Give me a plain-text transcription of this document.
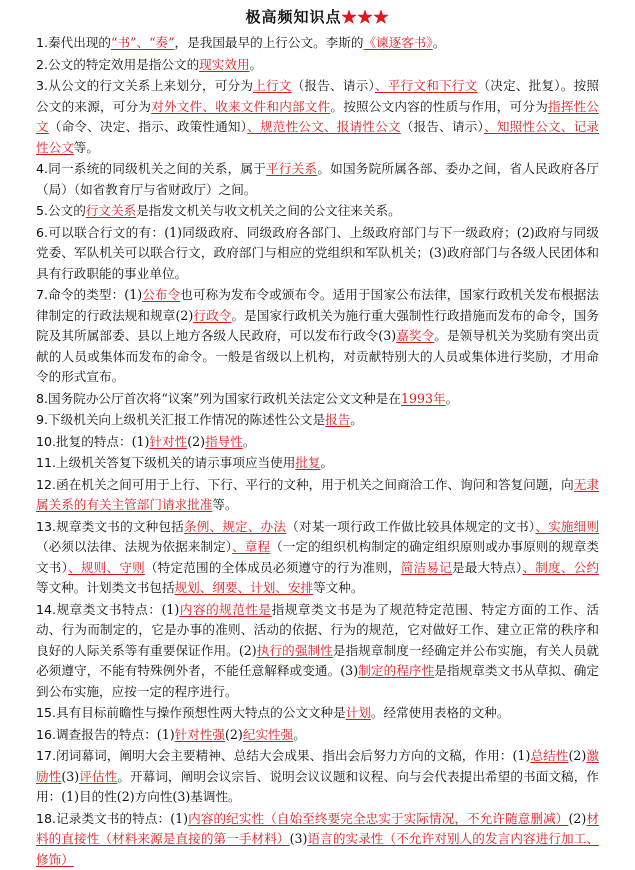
极高频知识点★★★
1.秦代出现的“书”、“奏”，是我国最早的上行公文。李斯的《谏逐客书》。
2.公文的特定效用是指公文的现实效用。
3.从公文的行文关系上来划分，可分为上行文（报告、请示）、平行文和下行文（决定、批复）。按照公文的来源，可分为对外文件、收来文件和内部文件。按照公文内容的性质与作用，可分为指挥性公文（命令、决定、指示、政策性通知）、规范性公文、报请性公文（报告、请示）、知照性公文、记录性公文等。
4.同一系统的同级机关之间的关系，属于平行关系。如国务院所属各部、委办之间，省人民政府各厅（局）（如省教育厅与省财政厅）之间。
5.公文的行文关系是指发文机关与收文机关之间的公文往来关系。
6.可以联合行文的有：(1)同级政府、同级政府各部门、上级政府部门与下一级政府；(2)政府与同级党委、军队机关可以联合行文，政府部门与相应的党组织和军队机关；(3)政府部门与各级人民团体和具有行政职能的事业单位。
7.命令的类型：(1)公布令也可称为发布令或颁布令。适用于国家公布法律，国家行政机关发布根据法律制定的行政法规和规章(2)行政令。是国家行政机关为施行重大强制性行政措施而发布的命令，国务院及其所属部委、县以上地方各级人民政府，可以发布行政令(3)嘉奖令。是领导机关为奖励有突出贡献的人员或集体而发布的命令。一般是省级以上机构，对贡献特别大的人员或集体进行奖励，才用命令的形式宣布。
8.国务院办公厅首次将“议案”列为国家行政机关法定公文文种是在1993年。
9.下级机关向上级机关汇报工作情况的陈述性公文是报告。
10.批复的特点：(1)针对性(2)指导性。
11.上级机关答复下级机关的请示事项应当使用批复。
12.函在机关之间可用于上行、下行、平行的文种，用于机关之间商洽工作、询问和答复问题，向无隶属关系的有关主管部门请求批准等。
13.规章类文书的文种包括条例、规定、办法（对某一项行政工作做比较具体规定的文书）、实施细则（必须以法律、法规为依据来制定）、章程（一定的组织机构制定的确定组织原则或办事原则的规章类文书）、规则、守则（特定范围的全体成员必须遵守的行为准则，简洁易记是最大特点）、制度、公约等文种。计划类文书包括规划、纲要、计划、安排等文种。
14.规章类文书特点：(1)内容的规范性是指规章类文书是为了规范特定范围、特定方面的工作、活动、行为而制定的，它是办事的准则、活动的依据、行为的规范，它对做好工作、建立正常的秩序和良好的人际关系等有重要保证作用。(2)执行的强制性是指规章制度一经确定并公布实施，有关人员就必须遵守，不能有特殊例外者，不能任意解释或变通。(3)制定的程序性是指规章类文书从草拟、确定到公布实施，应按一定的程序进行。
15.具有目标前瞻性与操作预想性两大特点的公文文种是计划。经常使用表格的文种。
16.调查报告的特点：(1)针对性强(2)纪实性强。
17.闭词幕词，阐明大会主要精神、总结大会成果、指出会后努力方向的文稿，作用：(1)总结性(2)激励性(3)评估性。开幕词，阐明会议宗旨、说明会议议题和议程、向与会代表提出希望的书面文稿，作用：(1)目的性(2)方向性(3)基调性。
18.记录类文书的特点：(1)内容的纪实性（自始至终要完全忠实于实际情况，不允许随意删减）(2)材料的直接性（材料来源是直接的第一手材料）(3)语言的实录性（不允许对别人的发言内容进行加工、修饰）
